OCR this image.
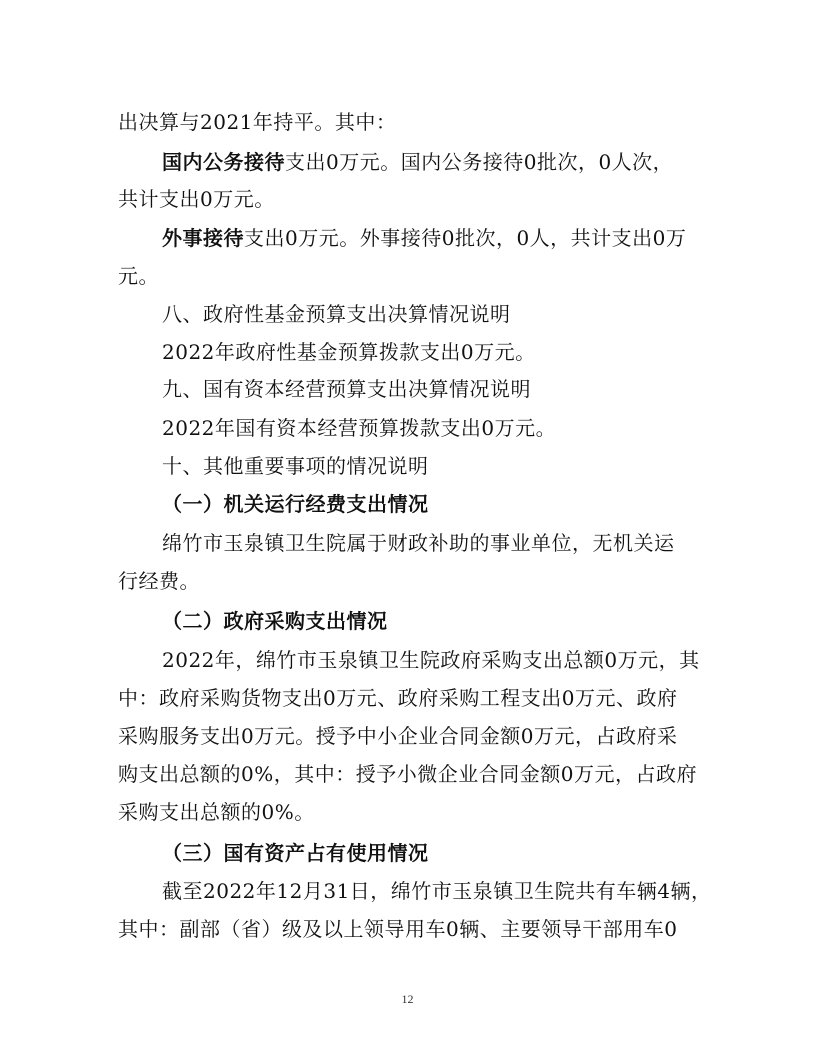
出决算与2021年持平。其中：
国内公务接待支出0万元。国内公务接待0批次，0人次，
共计支出0万元。
外事接待支出0万元。外事接待0批次，0人，共计支出0万
元。
八、政府性基金预算支出决算情况说明
2022年政府性基金预算拨款支出0万元。
九、国有资本经营预算支出决算情况说明
2022年国有资本经营预算拨款支出0万元。
十、其他重要事项的情况说明
（一）机关运行经费支出情况
绵竹市玉泉镇卫生院属于财政补助的事业单位，无机关运
行经费。
（二）政府采购支出情况
2022年，绵竹市玉泉镇卫生院政府采购支出总额0万元，其
中：政府采购货物支出0万元、政府采购工程支出0万元、政府
采购服务支出0万元。授予中小企业合同金额0万元，占政府采
购支出总额的0%，其中：授予小微企业合同金额0万元，占政府
采购支出总额的0%。
（三）国有资产占有使用情况
截至2022年12月31日，绵竹市玉泉镇卫生院共有车辆4辆，
其中：副部（省）级及以上领导用车0辆、主要领导干部用车0
12
